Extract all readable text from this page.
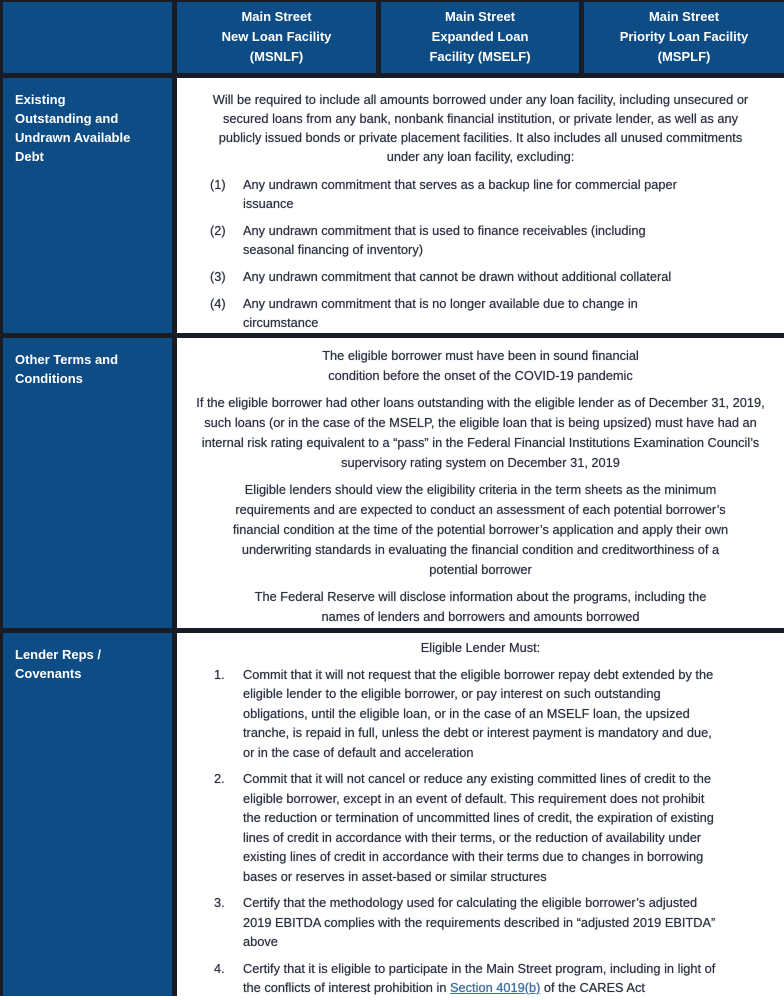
Main Street
New Loan Facility
(MSNLF)
Main Street
Expanded Loan
Facility (MSELF)
Main Street
Priority Loan Facility
(MSPLF)
Existing Outstanding and Undrawn Available Debt
Will be required to include all amounts borrowed under any loan facility, including unsecured or secured loans from any bank, nonbank financial institution, or private lender, as well as any publicly issued bonds or private placement facilities. It also includes all unused commitments under any loan facility, excluding:
(1) Any undrawn commitment that serves as a backup line for commercial paper issuance
(2) Any undrawn commitment that is used to finance receivables (including seasonal financing of inventory)
(3) Any undrawn commitment that cannot be drawn without additional collateral
(4) Any undrawn commitment that is no longer available due to change in circumstance
Other Terms and Conditions
The eligible borrower must have been in sound financial condition before the onset of the COVID-19 pandemic
If the eligible borrower had other loans outstanding with the eligible lender as of December 31, 2019, such loans (or in the case of the MSELP, the eligible loan that is being upsized) must have had an internal risk rating equivalent to a “pass” in the Federal Financial Institutions Examination Council’s supervisory rating system on December 31, 2019
Eligible lenders should view the eligibility criteria in the term sheets as the minimum requirements and are expected to conduct an assessment of each potential borrower’s financial condition at the time of the potential borrower’s application and apply their own underwriting standards in evaluating the financial condition and creditworthiness of a potential borrower
The Federal Reserve will disclose information about the programs, including the names of lenders and borrowers and amounts borrowed
Lender Reps / Covenants
Eligible Lender Must:
1. Commit that it will not request that the eligible borrower repay debt extended by the eligible lender to the eligible borrower, or pay interest on such outstanding obligations, until the eligible loan, or in the case of an MSELF loan, the upsized tranche, is repaid in full, unless the debt or interest payment is mandatory and due, or in the case of default and acceleration
2. Commit that it will not cancel or reduce any existing committed lines of credit to the eligible borrower, except in an event of default. This requirement does not prohibit the reduction or termination of uncommitted lines of credit, the expiration of existing lines of credit in accordance with their terms, or the reduction of availability under existing lines of credit in accordance with their terms due to changes in borrowing bases or reserves in asset-based or similar structures
3. Certify that the methodology used for calculating the eligible borrower’s adjusted 2019 EBITDA complies with the requirements described in “adjusted 2019 EBITDA” above
4. Certify that it is eligible to participate in the Main Street program, including in light of the conflicts of interest prohibition in Section 4019(b) of the CARES Act
